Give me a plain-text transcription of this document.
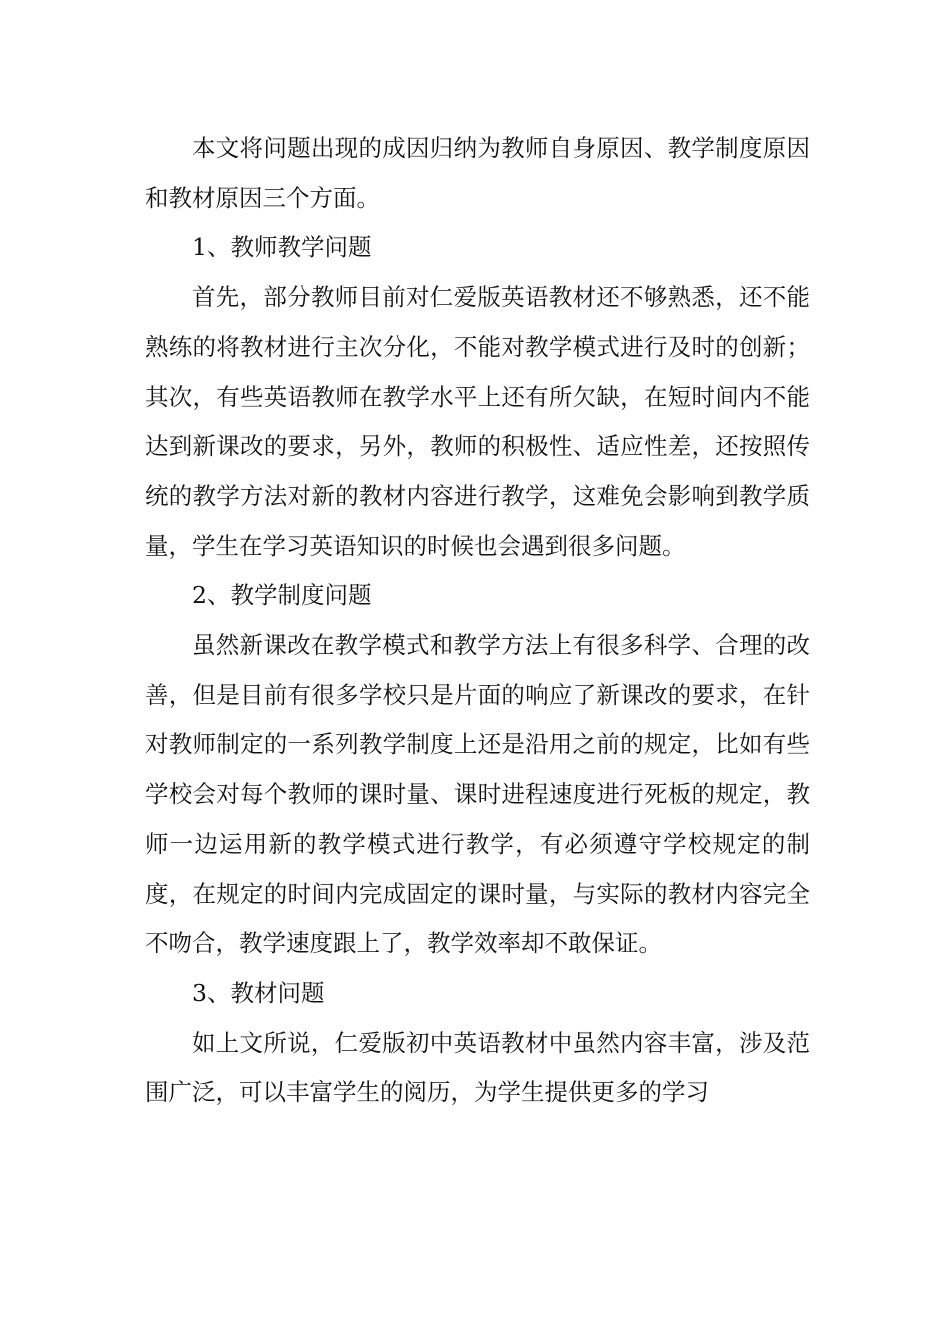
本文将问题出现的成因归纳为教师自身原因、教学制度原因和教材原因三个方面。

1、教师教学问题

首先，部分教师目前对仁爱版英语教材还不够熟悉，还不能熟练的将教材进行主次分化，不能对教学模式进行及时的创新；其次，有些英语教师在教学水平上还有所欠缺，在短时间内不能达到新课改的要求，另外，教师的积极性、适应性差，还按照传统的教学方法对新的教材内容进行教学，这难免会影响到教学质量，学生在学习英语知识的时候也会遇到很多问题。

2、教学制度问题

虽然新课改在教学模式和教学方法上有很多科学、合理的改善，但是目前有很多学校只是片面的响应了新课改的要求，在针对教师制定的一系列教学制度上还是沿用之前的规定，比如有些学校会对每个教师的课时量、课时进程速度进行死板的规定，教师一边运用新的教学模式进行教学，有必须遵守学校规定的制度，在规定的时间内完成固定的课时量，与实际的教材内容完全不吻合，教学速度跟上了，教学效率却不敢保证。

3、教材问题

如上文所说，仁爱版初中英语教材中虽然内容丰富，涉及范围广泛，可以丰富学生的阅历，为学生提供更多的学习
